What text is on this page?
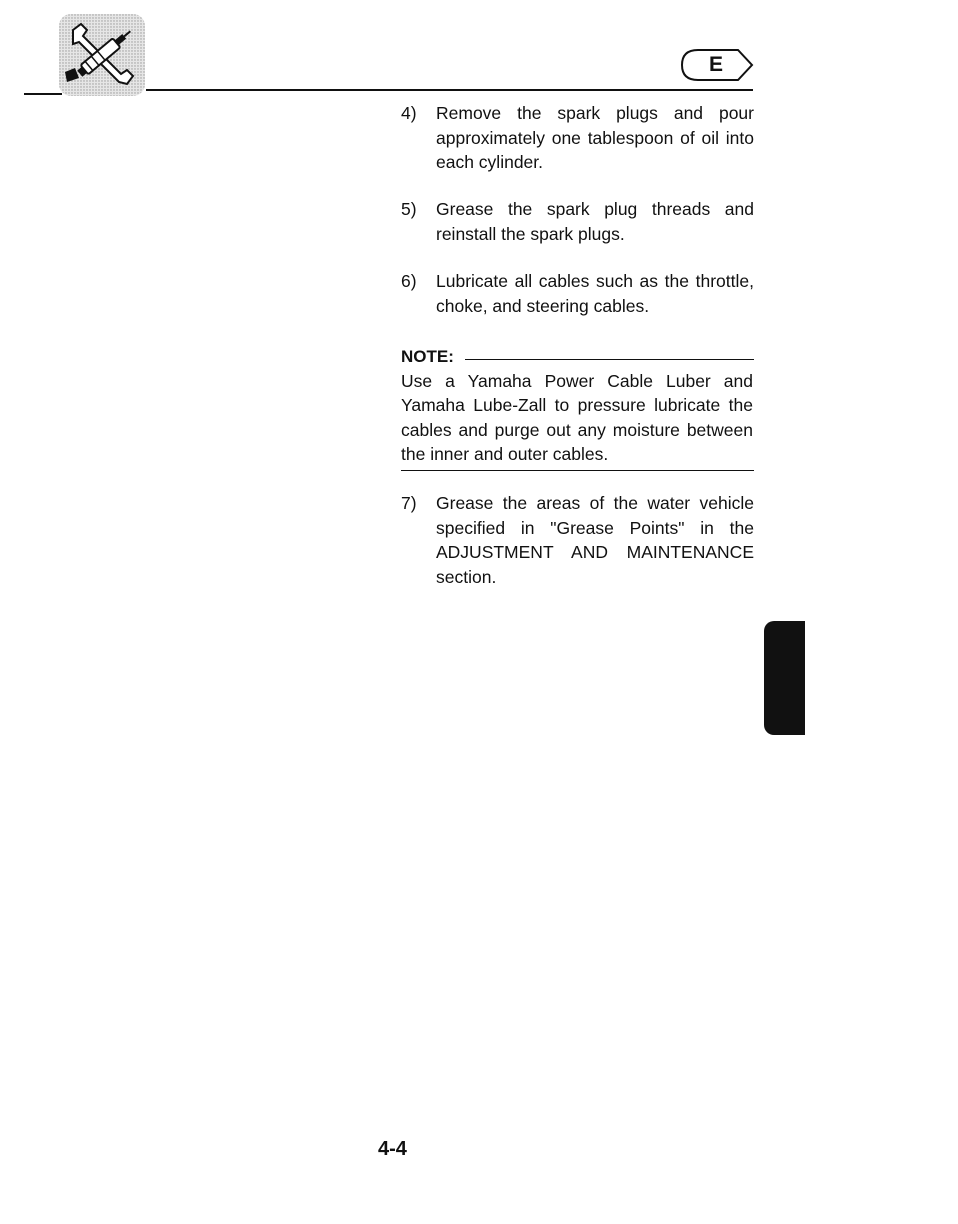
E
4) Remove the spark plugs and pour approximately one tablespoon of oil into each cylinder.
5) Grease the spark plug threads and reinstall the spark plugs.
6) Lubricate all cables such as the throttle, choke, and steering cables.
NOTE:
Use a Yamaha Power Cable Luber and Yamaha Lube-Zall to pressure lubricate the cables and purge out any moisture between the inner and outer cables.
7) Grease the areas of the water vehicle specified in "Grease Points" in the ADJUSTMENT AND MAINTENANCE section.
4-4
